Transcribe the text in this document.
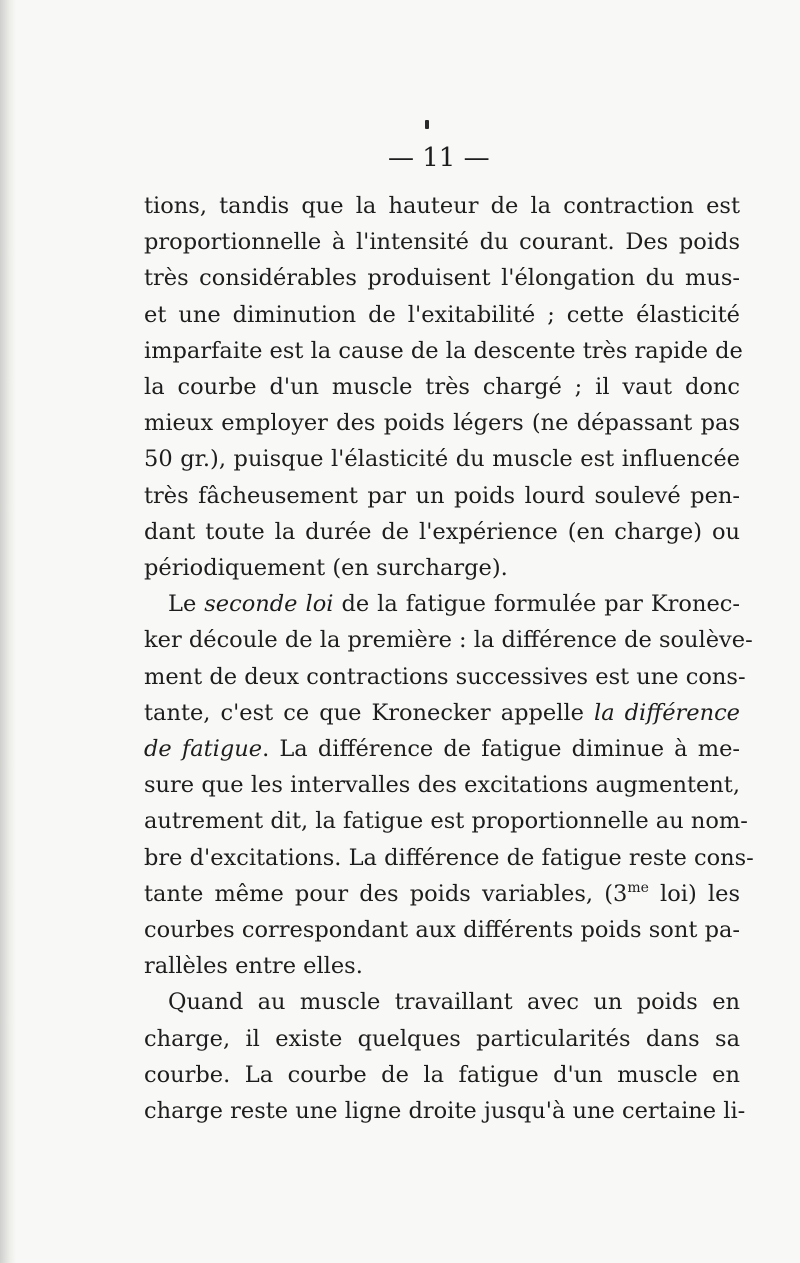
— 11 —

tions, tandis que la hauteur de la contraction est
proportionnelle à l'intensité du courant. Des poids
très considérables produisent l'élongation du mus-
et une diminution de l'exitabilité ; cette élasticité
imparfaite est la cause de la descente très rapide de
la courbe d'un muscle très chargé ; il vaut donc
mieux employer des poids légers (ne dépassant pas
50 gr.), puisque l'élasticité du muscle est influencée
très fâcheusement par un poids lourd soulevé pen-
dant toute la durée de l'expérience (en charge) ou
périodiquement (en surcharge).

Le seconde loi de la fatigue formulée par Kronec-
ker découle de la première : la différence de soulève-
ment de deux contractions successives est une cons-
tante, c'est ce que Kronecker appelle la différence
de fatigue. La différence de fatigue diminue à me-
sure que les intervalles des excitations augmentent,
autrement dit, la fatigue est proportionnelle au nom-
bre d'excitations. La différence de fatigue reste cons-
tante même pour des poids variables, ($3^{me}$ loi) les
courbes correspondant aux différents poids sont pa-
rallèles entre elles.

Quand au muscle travaillant avec un poids en
charge, il existe quelques particularités dans sa
courbe. La courbe de la fatigue d'un muscle en
charge reste une ligne droite jusqu'à une certaine li-
